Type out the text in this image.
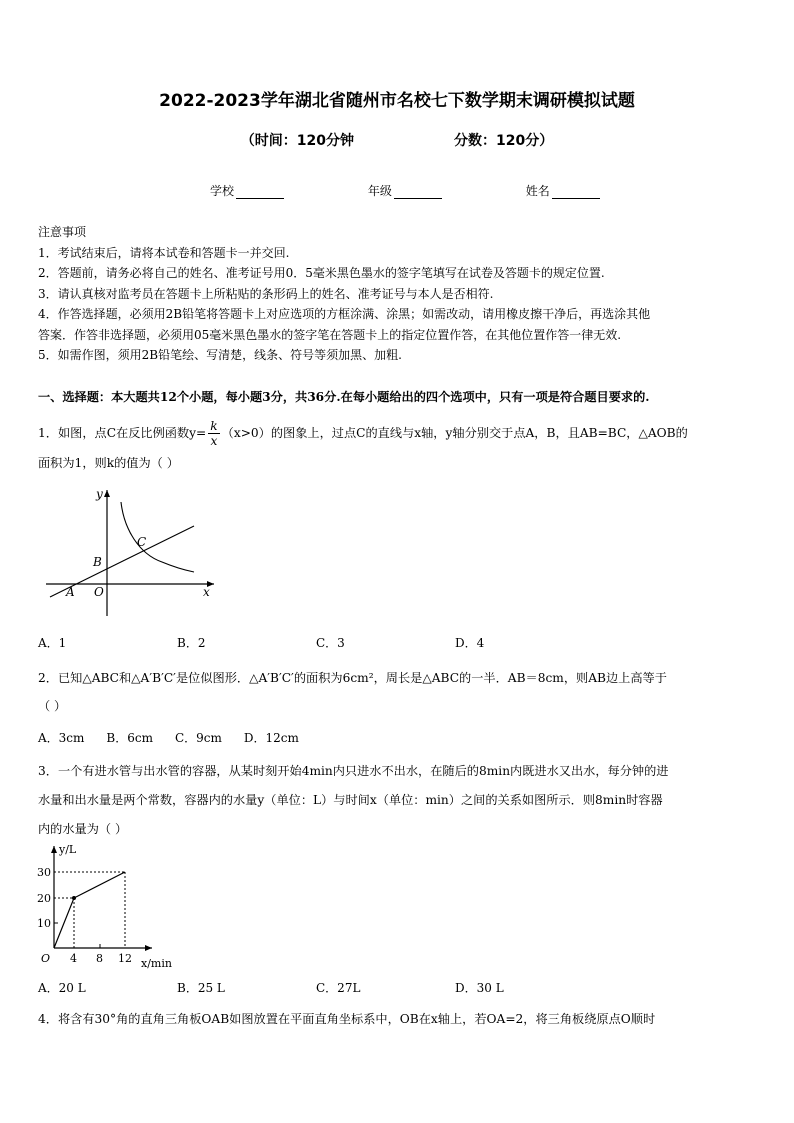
2022-2023学年湖北省随州市名校七下数学期末调研模拟试题
（时间：120分钟	分数：120分）
学校	年级	姓名
注意事项
1．考试结束后，请将本试卷和答题卡一并交回.
2．答题前，请务必将自己的姓名、准考证号用0．5毫米黑色墨水的签字笔填写在试卷及答题卡的规定位置.
3．请认真核对监考员在答题卡上所粘贴的条形码上的姓名、准考证号与本人是否相符.
4．作答选择题，必须用2B铅笔将答题卡上对应选项的方框涂满、涂黑；如需改动，请用橡皮擦干净后，再选涂其他
答案．作答非选择题，必须用05毫米黑色墨水的签字笔在答题卡上的指定位置作答，在其他位置作答一律无效.
5．如需作图，须用2B铅笔绘、写清楚，线条、符号等须加黑、加粗.
一、选择题：本大题共12个小题，每小题3分，共36分.在每小题给出的四个选项中，只有一项是符合题目要求的.
1．如图，点C在反比例函数$y= \frac{k}{x} (x>0)$的图象上，过点C的直线与x轴，y轴分别交于点A，B，且AB=BC，△AOB的
面积为1，则k的值为（ ）
y
x
A O
B
C
A．1	B．2	C．3	D．4
2．已知△ABC和△A′B′C′是位似图形．△A′B′C′的面积为6cm²，周长是△ABC的一半．AB＝8cm，则AB边上高等于
（ ）
A．3cm B．6cm C．9cm D．12cm
3．一个有进水管与出水管的容器，从某时刻开始4min内只进水不出水，在随后的8min内既进水又出水，每分钟的进
水量和出水量是两个常数，容器内的水量y（单位：L）与时间x（单位：min）之间的关系如图所示．则8min时容器
内的水量为（ ）
y/L
x/min
O
30
20
10
4 8 12
A．20 L	B．25 L	C．27L	D．30 L
4．将含有30°角的直角三角板OAB如图放置在平面直角坐标系中，OB在x轴上，若OA=2，将三角板绕原点O顺时
